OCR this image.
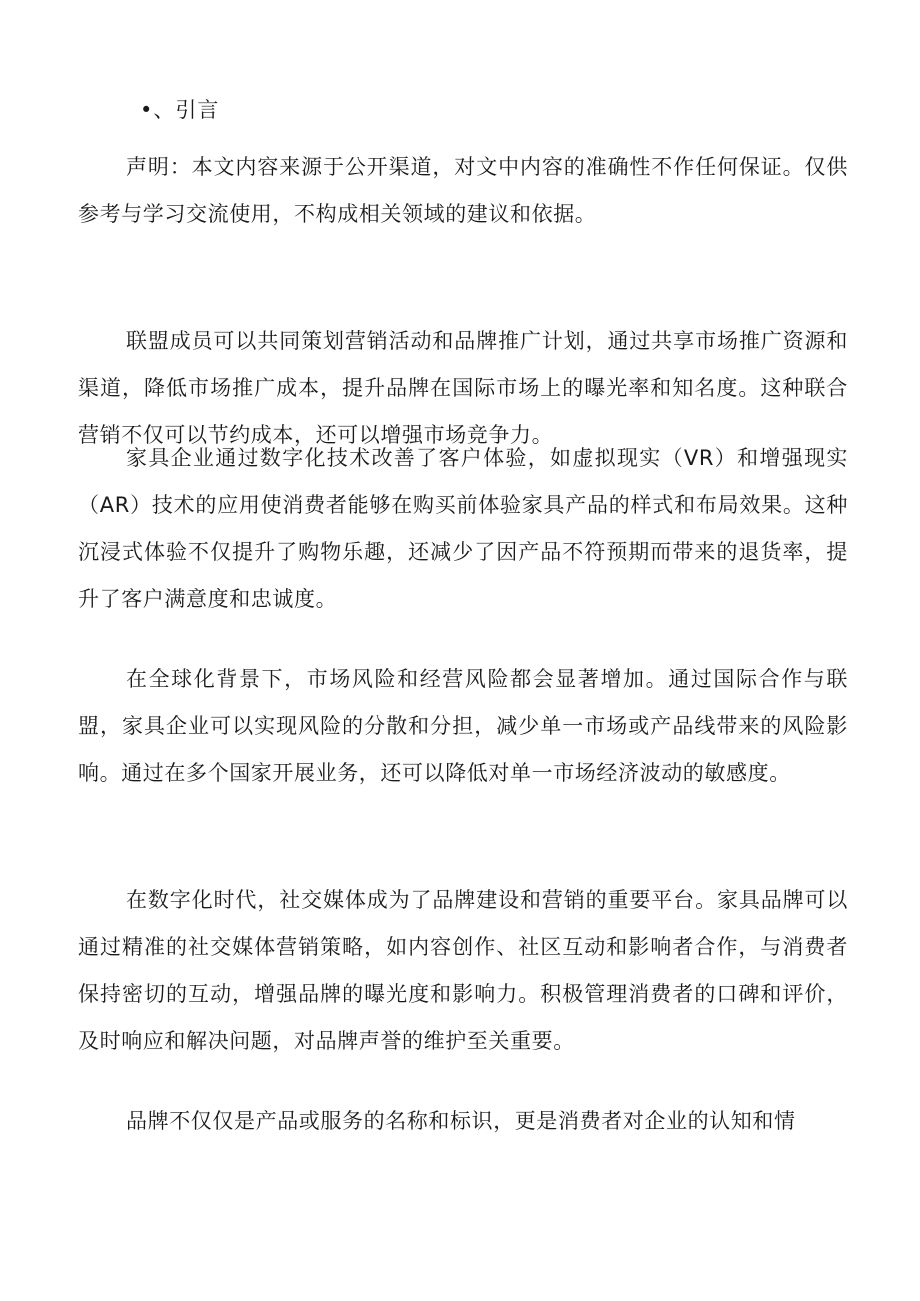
•、引言

声明：本文内容来源于公开渠道，对文中内容的准确性不作任何保证。仅供参考与学习交流使用，不构成相关领域的建议和依据。

联盟成员可以共同策划营销活动和品牌推广计划，通过共享市场推广资源和渠道，降低市场推广成本，提升品牌在国际市场上的曝光率和知名度。这种联合营销不仅可以节约成本，还可以增强市场竞争力。

家具企业通过数字化技术改善了客户体验，如虚拟现实（VR）和增强现实（AR）技术的应用使消费者能够在购买前体验家具产品的样式和布局效果。这种沉浸式体验不仅提升了购物乐趣，还减少了因产品不符预期而带来的退货率，提升了客户满意度和忠诚度。

在全球化背景下，市场风险和经营风险都会显著增加。通过国际合作与联盟，家具企业可以实现风险的分散和分担，减少单一市场或产品线带来的风险影响。通过在多个国家开展业务，还可以降低对单一市场经济波动的敏感度。

在数字化时代，社交媒体成为了品牌建设和营销的重要平台。家具品牌可以通过精准的社交媒体营销策略，如内容创作、社区互动和影响者合作，与消费者保持密切的互动，增强品牌的曝光度和影响力。积极管理消费者的口碑和评价，及时响应和解决问题，对品牌声誉的维护至关重要。

品牌不仅仅是产品或服务的名称和标识，更是消费者对企业的认知和情
